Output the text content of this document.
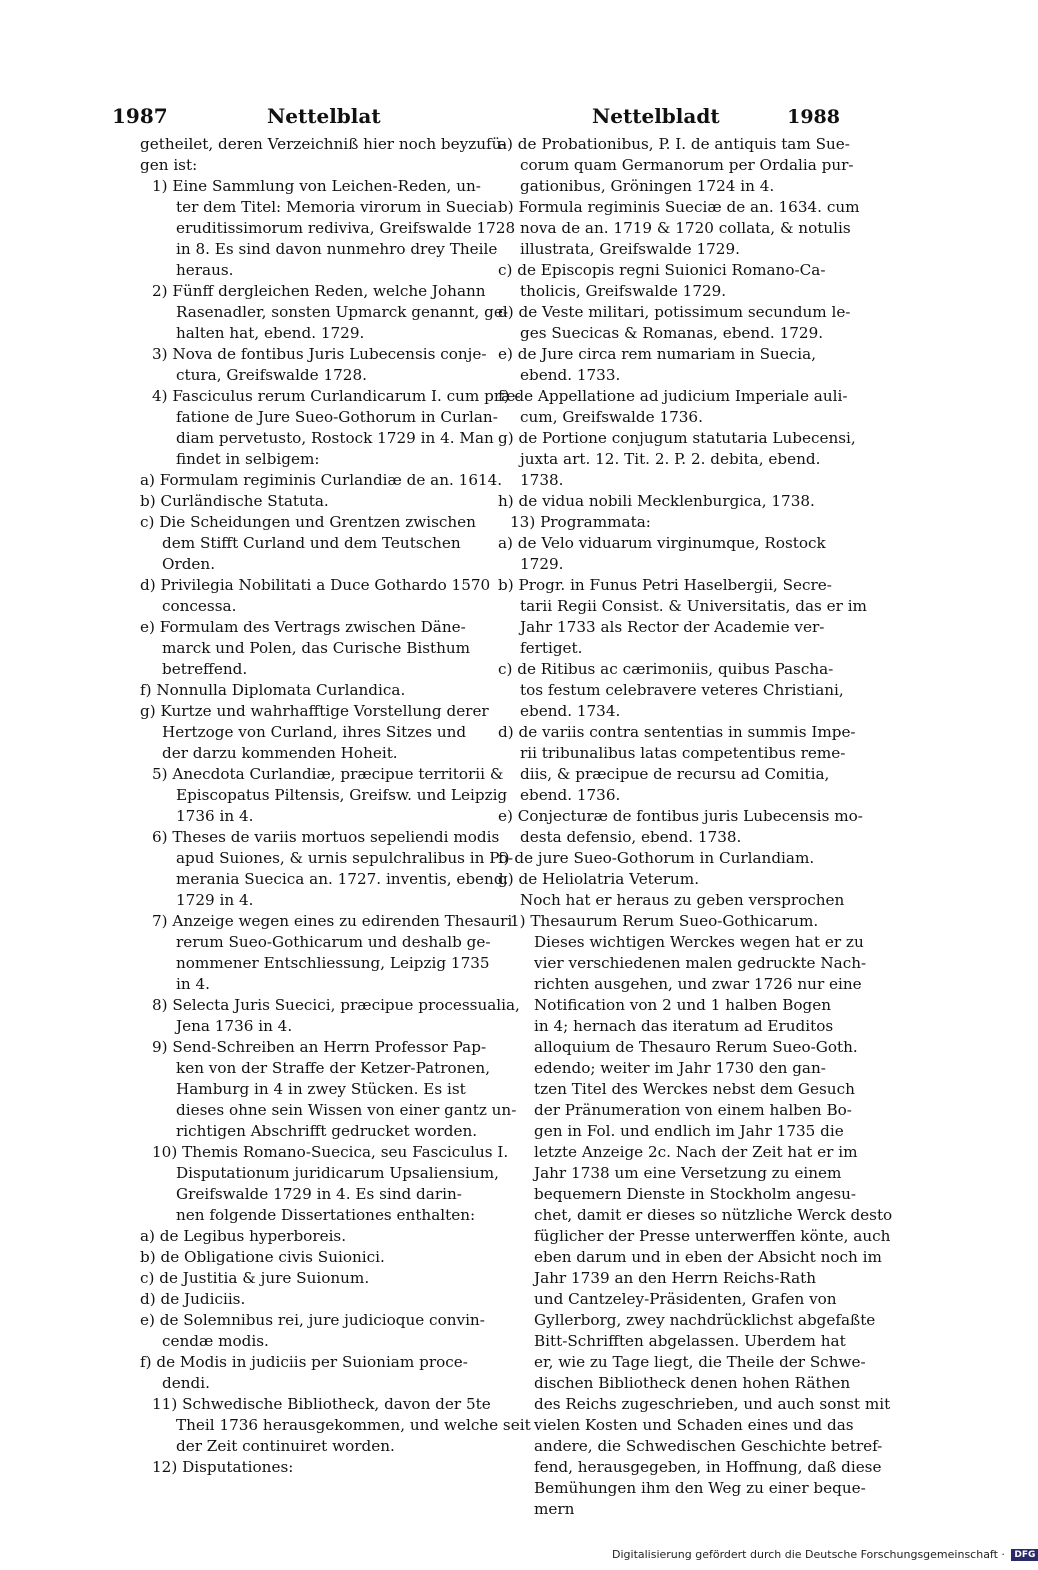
1987	Nettelblat	Nettelbladt	1988
getheilet, deren Verzeichniß hier noch beyzufü-
gen ist:
1) Eine Sammlung von Leichen-Reden, un-
ter dem Titel: Memoria virorum in Suecia
eruditissimorum rediviva, Greifswalde 1728
in 8. Es sind davon nunmehro drey Theile
heraus.
2) Fünff dergleichen Reden, welche Johann
Rasenadler, sonsten Upmarck genannt, ge-
halten hat, ebend. 1729.
3) Nova de fontibus Juris Lubecensis conje-
ctura, Greifswalde 1728.
4) Fasciculus rerum Curlandicarum I. cum præ-
fatione de Jure Sueo-Gothorum in Curlan-
diam pervetusto, Rostock 1729 in 4. Man
findet in selbigem:
a) Formulam regiminis Curlandiæ de an. 1614.
b) Curländische Statuta.
c) Die Scheidungen und Grentzen zwischen
dem Stifft Curland und dem Teutschen
Orden.
d) Privilegia Nobilitati a Duce Gothardo 1570
concessa.
e) Formulam des Vertrags zwischen Däne-
marck und Polen, das Curische Bisthum
betreffend.
f) Nonnulla Diplomata Curlandica.
g) Kurtze und wahrhafftige Vorstellung derer
Hertzoge von Curland, ihres Sitzes und
der darzu kommenden Hoheit.
5) Anecdota Curlandiæ, præcipue territorii &
Episcopatus Piltensis, Greifsw. und Leipzig
1736 in 4.
6) Theses de variis mortuos sepeliendi modis
apud Suiones, & urnis sepulchralibus in Po-
merania Suecica an. 1727. inventis, ebend.
1729 in 4.
7) Anzeige wegen eines zu edirenden Thesauri
rerum Sueo-Gothicarum und deshalb ge-
nommener Entschliessung, Leipzig 1735
in 4.
8) Selecta Juris Suecici, præcipue processualia,
Jena 1736 in 4.
9) Send-Schreiben an Herrn Professor Pap-
ken von der Straffe der Ketzer-Patronen,
Hamburg in 4 in zwey Stücken. Es ist
dieses ohne sein Wissen von einer gantz un-
richtigen Abschrifft gedrucket worden.
10) Themis Romano-Suecica, seu Fasciculus I.
Disputationum juridicarum Upsaliensium,
Greifswalde 1729 in 4. Es sind darin-
nen folgende Dissertationes enthalten:
a) de Legibus hyperboreis.
b) de Obligatione civis Suionici.
c) de Justitia & jure Suionum.
d) de Judiciis.
e) de Solemnibus rei, jure judicioque convin-
cendæ modis.
f) de Modis in judiciis per Suioniam proce-
dendi.
11) Schwedische Bibliotheck, davon der 5te
Theil 1736 herausgekommen, und welche seit
der Zeit continuiret worden.
12) Disputationes:
a) de Probationibus, P. I. de antiquis tam Sue-
corum quam Germanorum per Ordalia pur-
gationibus, Gröningen 1724 in 4.
b) Formula regiminis Sueciæ de an. 1634. cum
nova de an. 1719 & 1720 collata, & notulis
illustrata, Greifswalde 1729.
c) de Episcopis regni Suionici Romano-Ca-
tholicis, Greifswalde 1729.
d) de Veste militari, potissimum secundum le-
ges Suecicas & Romanas, ebend. 1729.
e) de Jure circa rem numariam in Suecia,
ebend. 1733.
f) de Appellatione ad judicium Imperiale auli-
cum, Greifswalde 1736.
g) de Portione conjugum statutaria Lubecensi,
juxta art. 12. Tit. 2. P. 2. debita, ebend.
1738.
h) de vidua nobili Mecklenburgica, 1738.
13) Programmata:
a) de Velo viduarum virginumque, Rostock
1729.
b) Progr. in Funus Petri Haselbergii, Secre-
tarii Regii Consist. & Universitatis, das er im
Jahr 1733 als Rector der Academie ver-
fertiget.
c) de Ritibus ac cærimoniis, quibus Pascha-
tos festum celebravere veteres Christiani,
ebend. 1734.
d) de variis contra sententias in summis Impe-
rii tribunalibus latas competentibus reme-
diis, & præcipue de recursu ad Comitia,
ebend. 1736.
e) Conjecturæ de fontibus juris Lubecensis mo-
desta defensio, ebend. 1738.
f) de jure Sueo-Gothorum in Curlandiam.
g) de Heliolatria Veterum.
Noch hat er heraus zu geben versprochen
1) Thesaurum Rerum Sueo-Gothicarum.
Dieses wichtigen Werckes wegen hat er zu
vier verschiedenen malen gedruckte Nach-
richten ausgehen, und zwar 1726 nur eine
Notification von 2 und 1 halben Bogen
in 4; hernach das iteratum ad Eruditos
alloquium de Thesauro Rerum Sueo-Goth.
edendo; weiter im Jahr 1730 den gan-
tzen Titel des Werckes nebst dem Gesuch
der Pränumeration von einem halben Bo-
gen in Fol. und endlich im Jahr 1735 die
letzte Anzeige 2c. Nach der Zeit hat er im
Jahr 1738 um eine Versetzung zu einem
bequemern Dienste in Stockholm angesu-
chet, damit er dieses so nützliche Werck desto
füglicher der Presse unterwerffen könte, auch
eben darum und in eben der Absicht noch im
Jahr 1739 an den Herrn Reichs-Rath
und Cantzeley-Präsidenten, Grafen von
Gyllerborg, zwey nachdrücklichst abgefaßte
Bitt-Schrifften abgelassen. Uberdem hat
er, wie zu Tage liegt, die Theile der Schwe-
dischen Bibliotheck denen hohen Räthen
des Reichs zugeschrieben, und auch sonst mit
vielen Kosten und Schaden eines und das
andere, die Schwedischen Geschichte betref-
fend, herausgegeben, in Hoffnung, daß diese
Bemühungen ihm den Weg zu einer beque-
mern
Digitalisierung gefördert durch die Deutsche Forschungsgemeinschaft · DFG
